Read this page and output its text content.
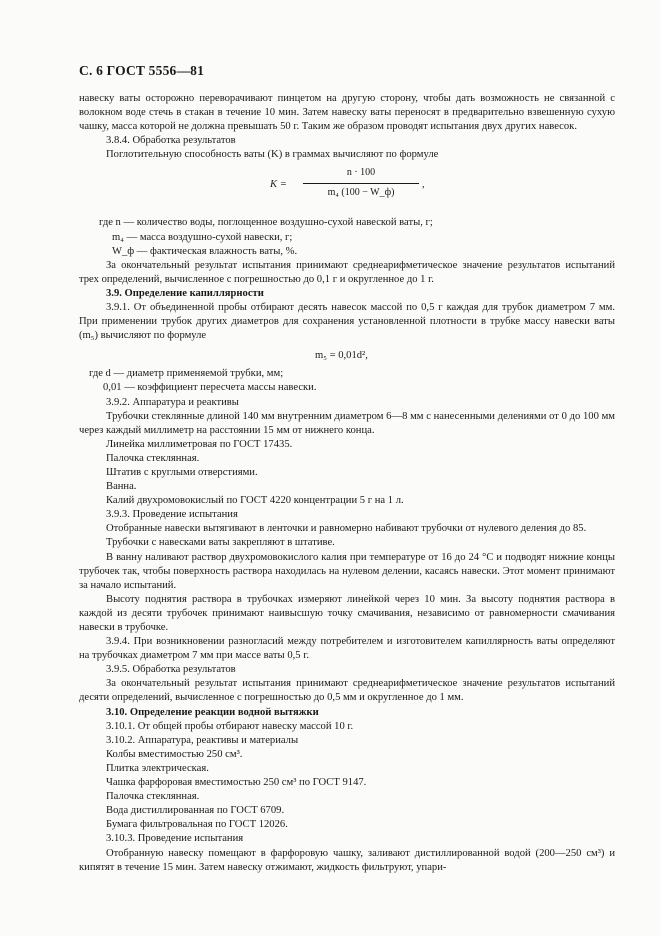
С. 6 ГОСТ 5556—81

навеску ваты осторожно переворачивают пинцетом на другую сторону, чтобы дать возможность не связанной с волокном воде стечь в стакан в течение 10 мин. Затем навеску ваты переносят в предварительно взвешенную сухую чашку, масса которой не должна превышать 50 г. Таким же образом проводят испытания двух других навесок.

3.8.4. Обработка результатов

Поглотительную способность ваты (K) в граммах вычисляют по формуле

K =
n · 100
m₄ (100 − W_ф)
,

где n — количество воды, поглощенное воздушно-сухой навеской ваты, г;

m₄ — масса воздушно-сухой навески, г;

W_ф — фактическая влажность ваты, %.

За окончательный результат испытания принимают среднеарифметическое значение результатов испытаний трех определений, вычисленное с погрешностью до 0,1 г и округленное до 1 г.

3.9. Определение капиллярности

3.9.1. От объединенной пробы отбирают десять навесок массой по 0,5 г каждая для трубок диаметром 7 мм. При применении трубок других диаметров для сохранения установленной плотности в трубке массу навески ваты (m₅) вычисляют по формуле

m₅ = 0,01d²,

где d — диаметр применяемой трубки, мм;

0,01 — коэффициент пересчета массы навески.

3.9.2. Аппаратура и реактивы

Трубочки стеклянные длиной 140 мм внутренним диаметром 6—8 мм с нанесенными делениями от 0 до 100 мм через каждый миллиметр на расстоянии 15 мм от нижнего конца.

Линейка миллиметровая по ГОСТ 17435.

Палочка стеклянная.

Штатив с круглыми отверстиями.

Ванна.

Калий двухромовокислый по ГОСТ 4220 концентрации 5 г на 1 л.

3.9.3. Проведение испытания

Отобранные навески вытягивают в ленточки и равномерно набивают трубочки от нулевого деления до 85.

Трубочки с навесками ваты закрепляют в штативе.

В ванну наливают раствор двухромовокислого калия при температуре от 16 до 24 °С и подводят нижние концы трубочек так, чтобы поверхность раствора находилась на нулевом делении, касаясь навески. Этот момент принимают за начало испытаний.

Высоту поднятия раствора в трубочках измеряют линейкой через 10 мин. За высоту поднятия раствора в каждой из десяти трубочек принимают наивысшую точку смачивания, независимо от равномерности смачивания навески в трубочке.

3.9.4. При возникновении разногласий между потребителем и изготовителем капиллярность ваты определяют на трубочках диаметром 7 мм при массе ваты 0,5 г.

3.9.5. Обработка результатов

За окончательный результат испытания принимают среднеарифметическое значение результатов испытаний десяти определений, вычисленное с погрешностью до 0,5 мм и округленное до 1 мм.

3.10. Определение реакции водной вытяжки

3.10.1. От общей пробы отбирают навеску массой 10 г.

3.10.2. Аппаратура, реактивы и материалы

Колбы вместимостью 250 см³.

Плитка электрическая.

Чашка фарфоровая вместимостью 250 см³ по ГОСТ 9147.

Палочка стеклянная.

Вода дистиллированная по ГОСТ 6709.

Бумага фильтровальная по ГОСТ 12026.

3.10.3. Проведение испытания

Отобранную навеску помещают в фарфоровую чашку, заливают дистиллированной водой (200—250 см³) и кипятят в течение 15 мин. Затем навеску отжимают, жидкость фильтруют, упари-
